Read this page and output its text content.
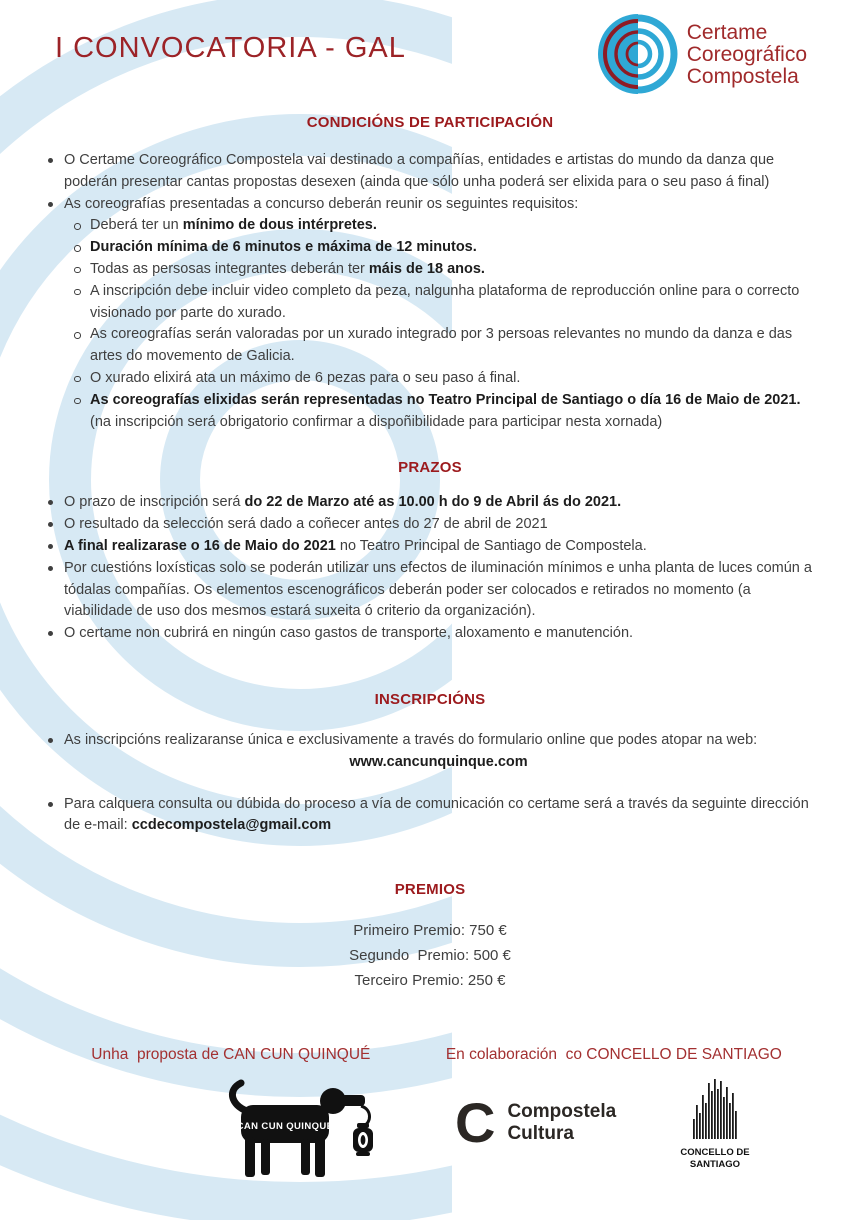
I CONVOCATORIA - GAL	Certame
Coreográfico
Compostela
CONDICIÓNS DE PARTICIPACIÓN
O Certame Coreográfico Compostela vai destinado a compañías, entidades e artistas do mundo da danza que poderán presentar cantas propostas desexen (ainda que sólo unha poderá ser elixida para o seu paso á final)
As coreografías presentadas a concurso deberán reunir os seguintes requisitos:
Deberá ter un mínimo de dous intérpretes.
Duración mínima de 6 minutos e máxima de 12 minutos.
Todas as persosas integrantes deberán ter máis de 18 anos.
A inscripción debe incluir video completo da peza, nalgunha plataforma de reproducción online para o correcto visionado por parte do xurado.
As coreografías serán valoradas por un xurado integrado por 3 persoas relevantes no mundo da danza e das artes do movemento de Galicia.
O xurado elixirá ata un máximo de 6 pezas para o seu paso á final.
As coreografías elixidas serán representadas no Teatro Principal de Santiago o día 16 de Maio de 2021. (na inscripción será obrigatorio confirmar a dispoñibilidade para participar nesta xornada)
PRAZOS
O prazo de inscripción será do 22 de Marzo até as 10.00 h do 9 de Abril ás do 2021.
O resultado da selección será dado a coñecer antes do 27 de abril de 2021
A final realizarase o 16 de Maio do 2021 no Teatro Principal de Santiago de Compostela.
Por cuestións loxísticas solo se poderán utilizar uns efectos de iluminación mínimos e unha planta de luces común a tódalas compañías. Os elementos escenográficos deberán poder ser colocados e retirados no momento (a viabilidade de uso dos mesmos estará suxeita ó criterio da organización).
O certame non cubrirá en ningún caso gastos de transporte, aloxamento e manutención.
INSCRIPCIÓNS
As inscripcións realizaranse única e exclusivamente a través do formulario online que podes atopar na web:
www.cancunquinque.com
Para calquera consulta ou dúbida do proceso a vía de comunicación co certame será a través da seguinte dirección de e-mail: ccdecompostela@gmail.com
PREMIOS
Primeiro Premio: 750 €
Segundo  Premio: 500 €
Terceiro Premio: 250 €
Unha  proposta de CAN CUN QUINQUÉ	En colaboración  co CONCELLO DE SANTIAGO
CAN CUN QUINQUÉ C Compostela
Cultura
CONCELLO DE
SANTIAGO
